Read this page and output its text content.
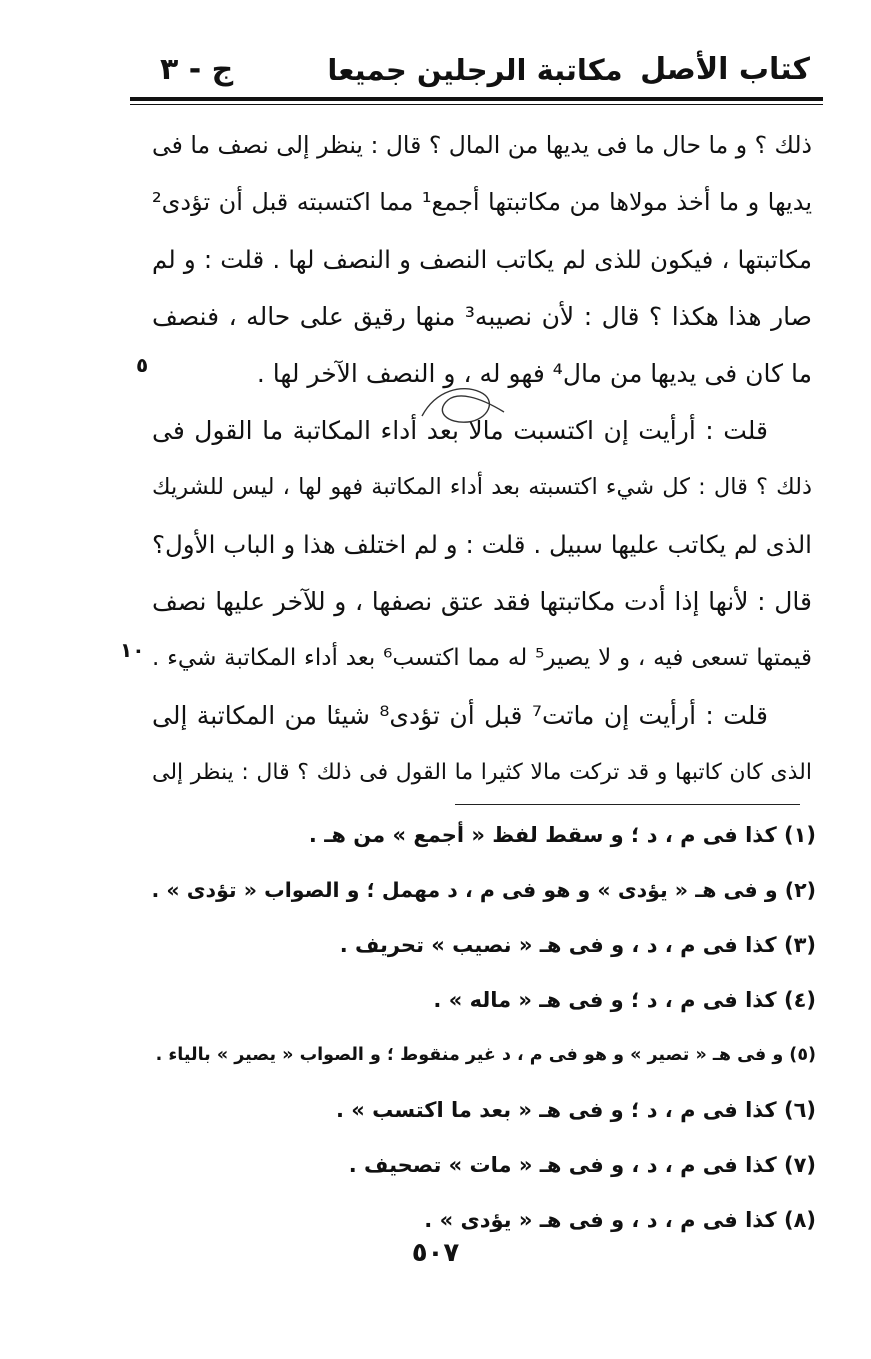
كتاب الأصل
مكاتبة الرجلين جميعا
ج - ٣
ذلك ؟ و ما حال ما فى يديها من المال ؟ قال : ينظر إلى نصف ما فى
يديها و ما أخذ مولاها من مكاتبتها أجمع¹ مما اكتسبته قبل أن تؤدى²
مكاتبتها ، فيكون للذى لم يكاتب النصف و النصف لها . قلت : و لم
صار هذا هكذا ؟ قال : لأن نصيبه³ منها رقيق على حاله ، فنصف
ما كان فى يديها من مال⁴ فهو له ، و النصف الآخر لها .
قلت : أرأيت إن اكتسبت مالا بعد أداء المكاتبة ما القول فى
ذلك ؟ قال : كل شيء اكتسبته بعد أداء المكاتبة فهو لها ، ليس للشريك
الذى لم يكاتب عليها سبيل . قلت : و لم اختلف هذا و الباب الأول؟
قال : لأنها إذا أدت مكاتبتها فقد عتق نصفها ، و للآخر عليها نصف
قيمتها تسعى فيه ، و لا يصير⁵ له مما اكتسب⁶ بعد أداء المكاتبة شيء .
قلت : أرأيت إن ماتت⁷ قبل أن تؤدى⁸ شيئا من المكاتبة إلى
الذى كان كاتبها و قد تركت مالا كثيرا ما القول فى ذلك ؟ قال : ينظر إلى
٥
١٠
(١) كذا فى م ، د ؛ و سقط لفظ « أجمع » من هـ .
(٢) و فى هـ « يؤدى » و هو فى م ، د مهمل ؛ و الصواب « تؤدى » .
(٣) كذا فى م ، د ، و فى هـ « نصيب » تحريف .
(٤) كذا فى م ، د ؛ و فى هـ « ماله » .
(٥) و فى هـ « تصير » و هو فى م ، د غير منقوط ؛ و الصواب « يصير » بالياء .
(٦) كذا فى م ، د ؛ و فى هـ « بعد ما اكتسب » .
(٧) كذا فى م ، د ، و فى هـ « مات » تصحيف .
(٨) كذا فى م ، د ، و فى هـ « يؤدى » .
٥٠٧
